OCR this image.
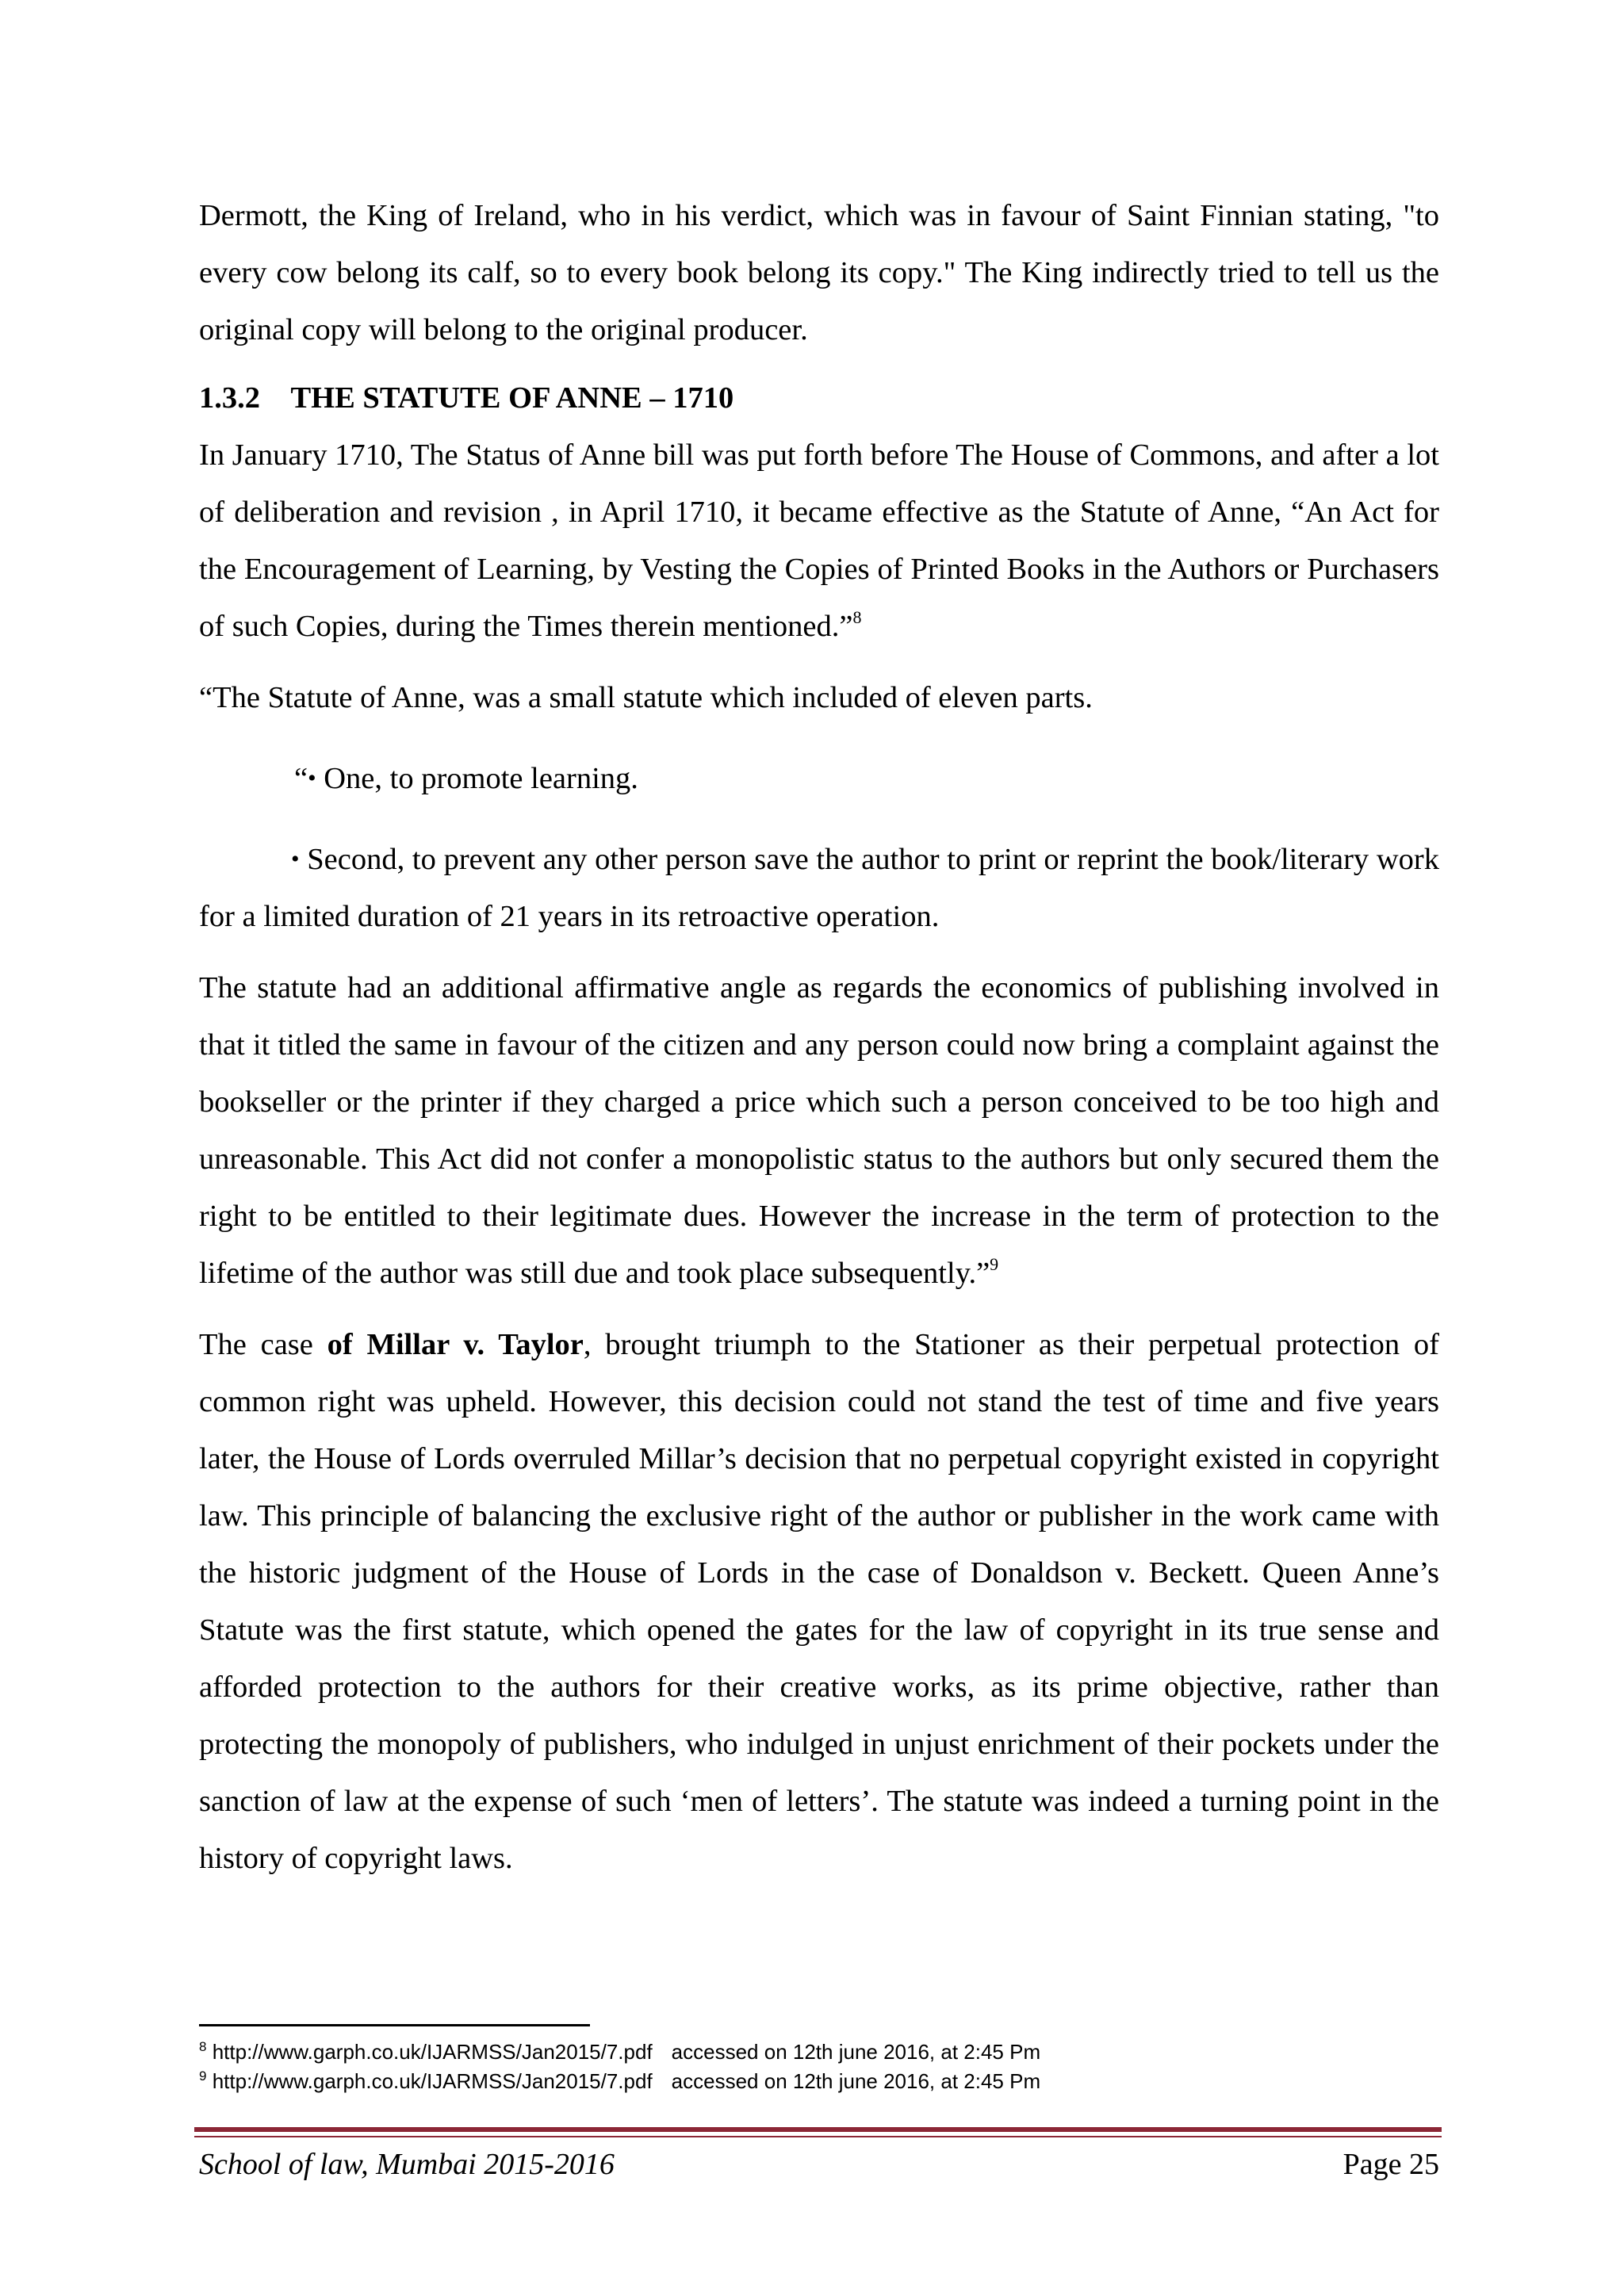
Dermott, the King of Ireland, who in his verdict, which was in favour of Saint Finnian stating, "to every cow belong its calf, so to every book belong its copy." The King indirectly tried to tell us the original copy will belong to the original producer.

1.3.2    THE STATUTE OF ANNE – 1710

In January 1710, The Status of Anne bill was put forth before The House of Commons, and after a lot of deliberation and revision , in April 1710, it became effective as the Statute of Anne, “An Act for the Encouragement of Learning, by Vesting the Copies of Printed Books in the Authors or Purchasers of such Copies, during the Times therein mentioned.”$^8$

“The Statute of Anne, was a small statute which included of eleven parts.

“• One, to promote learning.

• Second, to prevent any other person save the author to print or reprint the book/literary work for a limited duration of 21 years in its retroactive operation.

The statute had an additional affirmative angle as regards the economics of publishing involved in that it titled the same in favour of the citizen and any person could now bring a complaint against the bookseller or the printer if they charged a price which such a person conceived to be too high and unreasonable. This Act did not confer a monopolistic status to the authors but only secured them the right to be entitled to their legitimate dues. However the increase in the term of protection to the lifetime of the author was still due and took place subsequently.”$^9$

The case of Millar v. Taylor, brought triumph to the Stationer as their perpetual protection of common right was upheld. However, this decision could not stand the test of time and five years later, the House of Lords overruled Millar’s decision that no perpetual copyright existed in copyright law. This principle of balancing the exclusive right of the author or publisher in the work came with the historic judgment of the House of Lords in the case of Donaldson v. Beckett. Queen Anne’s Statute was the first statute, which opened the gates for the law of copyright in its true sense and afforded protection to the authors for their creative works, as its prime objective, rather than protecting the monopoly of publishers, who indulged in unjust enrichment of their pockets under the sanction of law at the expense of such ‘men of letters’. The statute was indeed a turning point in the history of copyright laws.

$^8$ http://www.garph.co.uk/IJARMSS/Jan2015/7.pdf accessed on 12th june 2016, at 2:45 Pm
$^9$ http://www.garph.co.uk/IJARMSS/Jan2015/7.pdf accessed on 12th june 2016, at 2:45 Pm
School of law, Mumbai 2015-2016	Page 25
